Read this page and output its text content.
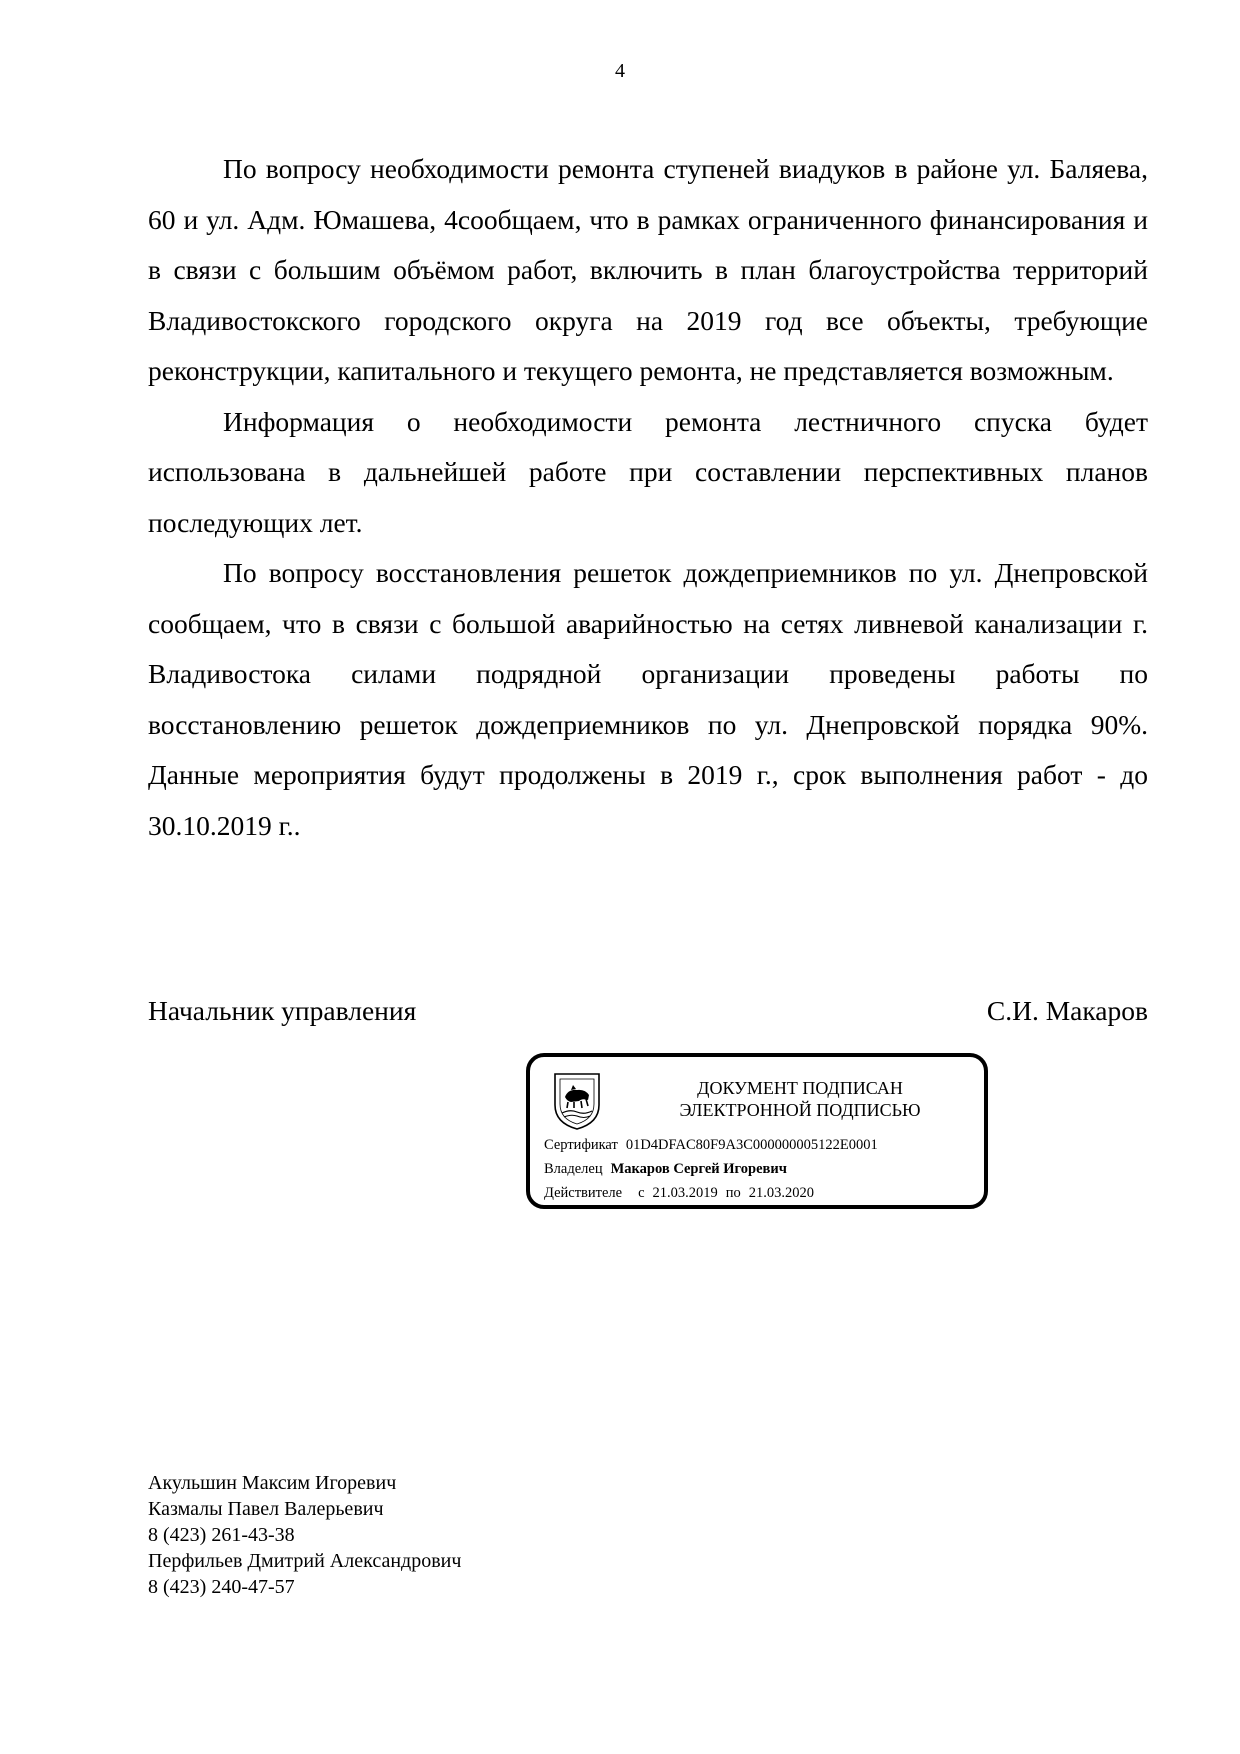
4

По вопросу необходимости ремонта ступеней виадуков в районе ул. Баляева, 60 и ул. Адм. Юмашева, 4сообщаем, что в рамках ограниченного финансирования и в связи с большим объёмом работ, включить в план благоустройства территорий Владивостокского городского округа на 2019 год все объекты, требующие реконструкции, капитального и текущего ремонта, не представляется возможным.

Информация о необходимости ремонта лестничного спуска будет использована в дальнейшей работе при составлении перспективных планов последующих лет.

По вопросу восстановления решеток дождеприемников по ул. Днепровской сообщаем, что в связи с большой аварийностью на сетях ливневой канализации г. Владивостока силами подрядной организации проведены работы по восстановлению решеток дождеприемников по ул. Днепровской порядка 90%. Данные мероприятия будут продолжены в 2019 г., срок выполнения работ - до 30.10.2019 г..

Начальник управления	С.И. Макаров
ДОКУМЕНТ ПОДПИСАН
ЭЛЕКТРОННОЙ ПОДПИСЬЮ
Сертификат 01D4DFAC80F9A3C000000005122E0001
Владелец Макаров Сергей Игоревич
Действителе с 21.03.2019 по 21.03.2020
Акульшин Максим Игоревич
Казмалы Павел Валерьевич
8 (423) 261-43-38
Перфильев Дмитрий Александрович
8 (423) 240-47-57
